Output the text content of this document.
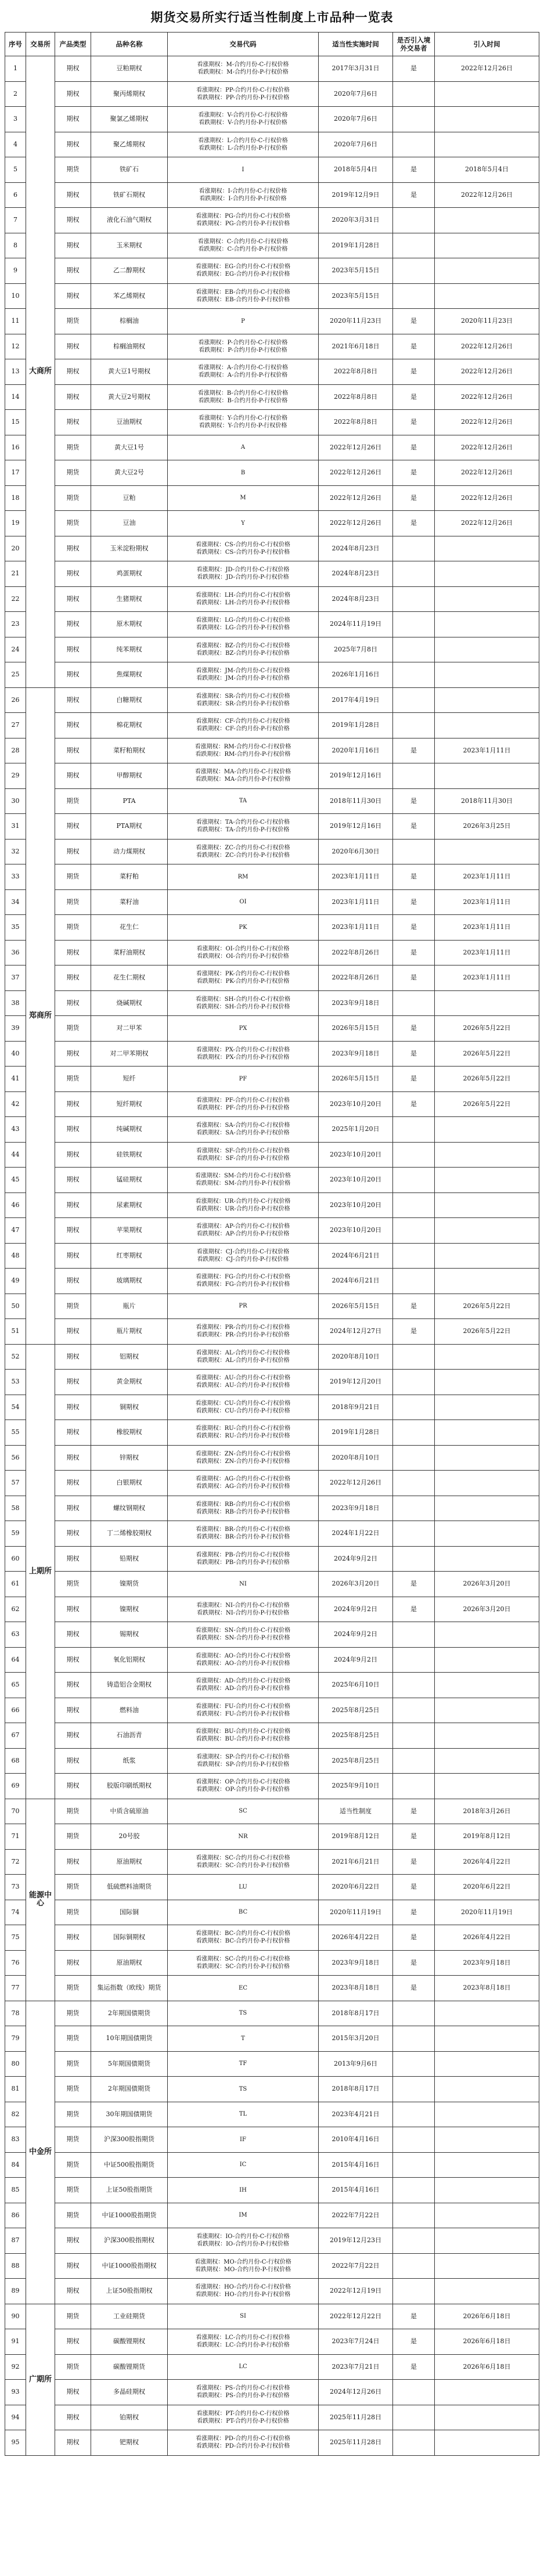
期货交易所实行适当性制度上市品种一览表
序号	交易所	产品类型	品种名称	交易代码	适当性实施时间	是否引入境外交易者	引入时间
1	大商所	期权	豆粕期权	看涨期权：M-合约月份-C-行权价格
看跌期权：M-合约月份-P-行权价格	2017年3月31日	是	2022年12月26日
2		期权	聚丙烯期权	看涨期权：PP-合约月份-C-行权价格
看跌期权：PP-合约月份-P-行权价格	2020年7月6日		
3		期权	聚氯乙烯期权	看涨期权：V-合约月份-C-行权价格
看跌期权：V-合约月份-P-行权价格	2020年7月6日		
4		期权	聚乙烯期权	看涨期权：L-合约月份-C-行权价格
看跌期权：L-合约月份-P-行权价格	2020年7月6日		
5		期货	铁矿石	I	2018年5月4日	是	2018年5月4日
6		期权	铁矿石期权	看涨期权：I-合约月份-C-行权价格
看跌期权：I-合约月份-P-行权价格	2019年12月9日	是	2022年12月26日
7		期权	液化石油气期权	看涨期权：PG-合约月份-C-行权价格
看跌期权：PG-合约月份-P-行权价格	2020年3月31日		
8		期权	玉米期权	看涨期权：C-合约月份-C-行权价格
看跌期权：C-合约月份-P-行权价格	2019年1月28日		
9		期权	乙二醇期权	看涨期权：EG-合约月份-C-行权价格
看跌期权：EG-合约月份-P-行权价格	2023年5月15日		
10		期权	苯乙烯期权	看涨期权：EB-合约月份-C-行权价格
看跌期权：EB-合约月份-P-行权价格	2023年5月15日		
11		期货	棕榈油	P	2020年11月23日	是	2020年11月23日
12		期权	棕榈油期权	看涨期权：P-合约月份-C-行权价格
看跌期权：P-合约月份-P-行权价格	2021年6月18日	是	2022年12月26日
13		期权	黄大豆1号期权	看涨期权：A-合约月份-C-行权价格
看跌期权：A-合约月份-P-行权价格	2022年8月8日	是	2022年12月26日
14		期权	黄大豆2号期权	看涨期权：B-合约月份-C-行权价格
看跌期权：B-合约月份-P-行权价格	2022年8月8日	是	2022年12月26日
15		期权	豆油期权	看涨期权：Y-合约月份-C-行权价格
看跌期权：Y-合约月份-P-行权价格	2022年8月8日	是	2022年12月26日
16		期货	黄大豆1号	A	2022年12月26日	是	2022年12月26日
17		期货	黄大豆2号	B	2022年12月26日	是	2022年12月26日
18		期货	豆粕	M	2022年12月26日	是	2022年12月26日
19		期货	豆油	Y	2022年12月26日	是	2022年12月26日
20		期权	玉米淀粉期权	看涨期权：CS-合约月份-C-行权价格
看跌期权：CS-合约月份-P-行权价格	2024年8月23日		
21		期权	鸡蛋期权	看涨期权：JD-合约月份-C-行权价格
看跌期权：JD-合约月份-P-行权价格	2024年8月23日		
22		期权	生猪期权	看涨期权：LH-合约月份-C-行权价格
看跌期权：LH-合约月份-P-行权价格	2024年8月23日		
23		期权	原木期权	看涨期权：LG-合约月份-C-行权价格
看跌期权：LG-合约月份-P-行权价格	2024年11月19日		
24		期权	纯苯期权	看涨期权：BZ-合约月份-C-行权价格
看跌期权：BZ-合约月份-P-行权价格	2025年7月8日		
25		期权	焦煤期权	看涨期权：JM-合约月份-C-行权价格
看跌期权：JM-合约月份-P-行权价格	2026年1月16日		
26	郑商所	期权	白糖期权	看涨期权：SR-合约月份-C-行权价格
看跌期权：SR-合约月份-P-行权价格	2017年4月19日		
27		期权	棉花期权	看涨期权：CF-合约月份-C-行权价格
看跌期权：CF-合约月份-P-行权价格	2019年1月28日		
28		期权	菜籽粕期权	看涨期权：RM-合约月份-C-行权价格
看跌期权：RM-合约月份-P-行权价格	2020年1月16日	是	2023年1月11日
29		期权	甲醇期权	看涨期权：MA-合约月份-C-行权价格
看跌期权：MA-合约月份-P-行权价格	2019年12月16日		
30		期货	PTA	TA	2018年11月30日	是	2018年11月30日
31		期权	PTA期权	看涨期权：TA-合约月份-C-行权价格
看跌期权：TA-合约月份-P-行权价格	2019年12月16日	是	2026年3月25日
32		期权	动力煤期权	看涨期权：ZC-合约月份-C-行权价格
看跌期权：ZC-合约月份-P-行权价格	2020年6月30日		
33		期货	菜籽粕	RM	2023年1月11日	是	2023年1月11日
34		期货	菜籽油	OI	2023年1月11日	是	2023年1月11日
35		期货	花生仁	PK	2023年1月11日	是	2023年1月11日
36		期权	菜籽油期权	看涨期权：OI-合约月份-C-行权价格
看跌期权：OI-合约月份-P-行权价格	2022年8月26日	是	2023年1月11日
37		期权	花生仁期权	看涨期权：PK-合约月份-C-行权价格
看跌期权：PK-合约月份-P-行权价格	2022年8月26日	是	2023年1月11日
38		期权	烧碱期权	看涨期权：SH-合约月份-C-行权价格
看跌期权：SH-合约月份-P-行权价格	2023年9月18日		
39		期货	对二甲苯	PX	2026年5月15日	是	2026年5月22日
40		期权	对二甲苯期权	看涨期权：PX-合约月份-C-行权价格
看跌期权：PX-合约月份-P-行权价格	2023年9月18日	是	2026年5月22日
41		期货	短纤	PF	2026年5月15日	是	2026年5月22日
42		期权	短纤期权	看涨期权：PF-合约月份-C-行权价格
看跌期权：PF-合约月份-P-行权价格	2023年10月20日	是	2026年5月22日
43		期权	纯碱期权	看涨期权：SA-合约月份-C-行权价格
看跌期权：SA-合约月份-P-行权价格	2025年1月20日		
44		期权	硅铁期权	看涨期权：SF-合约月份-C-行权价格
看跌期权：SF-合约月份-P-行权价格	2023年10月20日		
45		期权	锰硅期权	看涨期权：SM-合约月份-C-行权价格
看跌期权：SM-合约月份-P-行权价格	2023年10月20日		
46		期权	尿素期权	看涨期权：UR-合约月份-C-行权价格
看跌期权：UR-合约月份-P-行权价格	2023年10月20日		
47		期权	苹果期权	看涨期权：AP-合约月份-C-行权价格
看跌期权：AP-合约月份-P-行权价格	2023年10月20日		
48		期权	红枣期权	看涨期权：CJ-合约月份-C-行权价格
看跌期权：CJ-合约月份-P-行权价格	2024年6月21日		
49		期权	玻璃期权	看涨期权：FG-合约月份-C-行权价格
看跌期权：FG-合约月份-P-行权价格	2024年6月21日		
50		期货	瓶片	PR	2026年5月15日	是	2026年5月22日
51		期权	瓶片期权	看涨期权：PR-合约月份-C-行权价格
看跌期权：PR-合约月份-P-行权价格	2024年12月27日	是	2026年5月22日
52	上期所	期权	铝期权	看涨期权：AL-合约月份-C-行权价格
看跌期权：AL-合约月份-P-行权价格	2020年8月10日		
53		期权	黄金期权	看涨期权：AU-合约月份-C-行权价格
看跌期权：AU-合约月份-P-行权价格	2019年12月20日		
54		期权	铜期权	看涨期权：CU-合约月份-C-行权价格
看跌期权：CU-合约月份-P-行权价格	2018年9月21日		
55		期权	橡胶期权	看涨期权：RU-合约月份-C-行权价格
看跌期权：RU-合约月份-P-行权价格	2019年1月28日		
56		期权	锌期权	看涨期权：ZN-合约月份-C-行权价格
看跌期权：ZN-合约月份-P-行权价格	2020年8月10日		
57		期权	白银期权	看涨期权：AG-合约月份-C-行权价格
看跌期权：AG-合约月份-P-行权价格	2022年12月26日		
58		期权	螺纹钢期权	看涨期权：RB-合约月份-C-行权价格
看跌期权：RB-合约月份-P-行权价格	2023年9月18日		
59		期权	丁二烯橡胶期权	看涨期权：BR-合约月份-C-行权价格
看跌期权：BR-合约月份-P-行权价格	2024年1月22日		
60		期权	铅期权	看涨期权：PB-合约月份-C-行权价格
看跌期权：PB-合约月份-P-行权价格	2024年9月2日		
61		期货	镍期货	NI	2026年3月20日	是	2026年3月20日
62		期权	镍期权	看涨期权：NI-合约月份-C-行权价格
看跌期权：NI-合约月份-P-行权价格	2024年9月2日	是	2026年3月20日
63		期权	锡期权	看涨期权：SN-合约月份-C-行权价格
看跌期权：SN-合约月份-P-行权价格	2024年9月2日		
64		期权	氧化铝期权	看涨期权：AO-合约月份-C-行权价格
看跌期权：AO-合约月份-P-行权价格	2024年9月2日		
65		期权	铸造铝合金期权	看涨期权：AD-合约月份-C-行权价格
看跌期权：AD-合约月份-P-行权价格	2025年6月10日		
66		期权	燃料油	看涨期权：FU-合约月份-C-行权价格
看跌期权：FU-合约月份-P-行权价格	2025年8月25日		
67		期权	石油沥青	看涨期权：BU-合约月份-C-行权价格
看跌期权：BU-合约月份-P-行权价格	2025年8月25日		
68		期权	纸浆	看涨期权：SP-合约月份-C-行权价格
看跌期权：SP-合约月份-P-行权价格	2025年8月25日		
69		期权	胶版印刷纸期权	看涨期权：OP-合约月份-C-行权价格
看跌期权：OP-合约月份-P-行权价格	2025年9月10日		
70	能源中心	期货	中质含硫原油	SC	适当性制度	是	2018年3月26日
71		期货	20号胶	NR	2019年8月12日	是	2019年8月12日
72		期权	原油期权	看涨期权：SC-合约月份-C-行权价格
看跌期权：SC-合约月份-P-行权价格	2021年6月21日	是	2026年4月22日
73		期货	低硫燃料油期货	LU	2020年6月22日	是	2020年6月22日
74		期货	国际铜	BC	2020年11月19日	是	2020年11月19日
75		期权	国际铜期权	看涨期权：BC-合约月份-C-行权价格
看跌期权：BC-合约月份-P-行权价格	2026年4月22日	是	2026年4月22日
76		期权	原油期权	看涨期权：SC-合约月份-C-行权价格
看跌期权：SC-合约月份-P-行权价格	2023年9月18日	是	2023年9月18日
77		期货	集运指数（欧线）期货	EC	2023年8月18日	是	2023年8月18日
78	中金所	期货	2年期国债期货	TS	2018年8月17日		
79		期货	10年期国债期货	T	2015年3月20日		
80		期货	5年期国债期货	TF	2013年9月6日		
81		期货	2年期国债期货	TS	2018年8月17日		
82		期货	30年期国债期货	TL	2023年4月21日		
83		期货	沪深300股指期货	IF	2010年4月16日		
84		期货	中证500股指期货	IC	2015年4月16日		
85		期货	上证50股指期货	IH	2015年4月16日		
86		期货	中证1000股指期货	IM	2022年7月22日		
87		期权	沪深300股指期权	看涨期权：IO-合约月份-C-行权价格
看跌期权：IO-合约月份-P-行权价格	2019年12月23日		
88		期权	中证1000股指期权	看涨期权：MO-合约月份-C-行权价格
看跌期权：MO-合约月份-P-行权价格	2022年7月22日		
89		期权	上证50股指期权	看涨期权：HO-合约月份-C-行权价格
看跌期权：HO-合约月份-P-行权价格	2022年12月19日		
90	广期所	期货	工业硅期货	SI	2022年12月22日	是	2026年6月18日
91		期权	碳酸锂期权	看涨期权：LC-合约月份-C-行权价格
看跌期权：LC-合约月份-P-行权价格	2023年7月24日	是	2026年6月18日
92		期货	碳酸锂期货	LC	2023年7月21日	是	2026年6月18日
93		期权	多晶硅期权	看涨期权：PS-合约月份-C-行权价格
看跌期权：PS-合约月份-P-行权价格	2024年12月26日		
94		期权	铂期权	看涨期权：PT-合约月份-C-行权价格
看跌期权：PT-合约月份-P-行权价格	2025年11月28日		
95		期权	钯期权	看涨期权：PD-合约月份-C-行权价格
看跌期权：PD-合约月份-P-行权价格	2025年11月28日		
